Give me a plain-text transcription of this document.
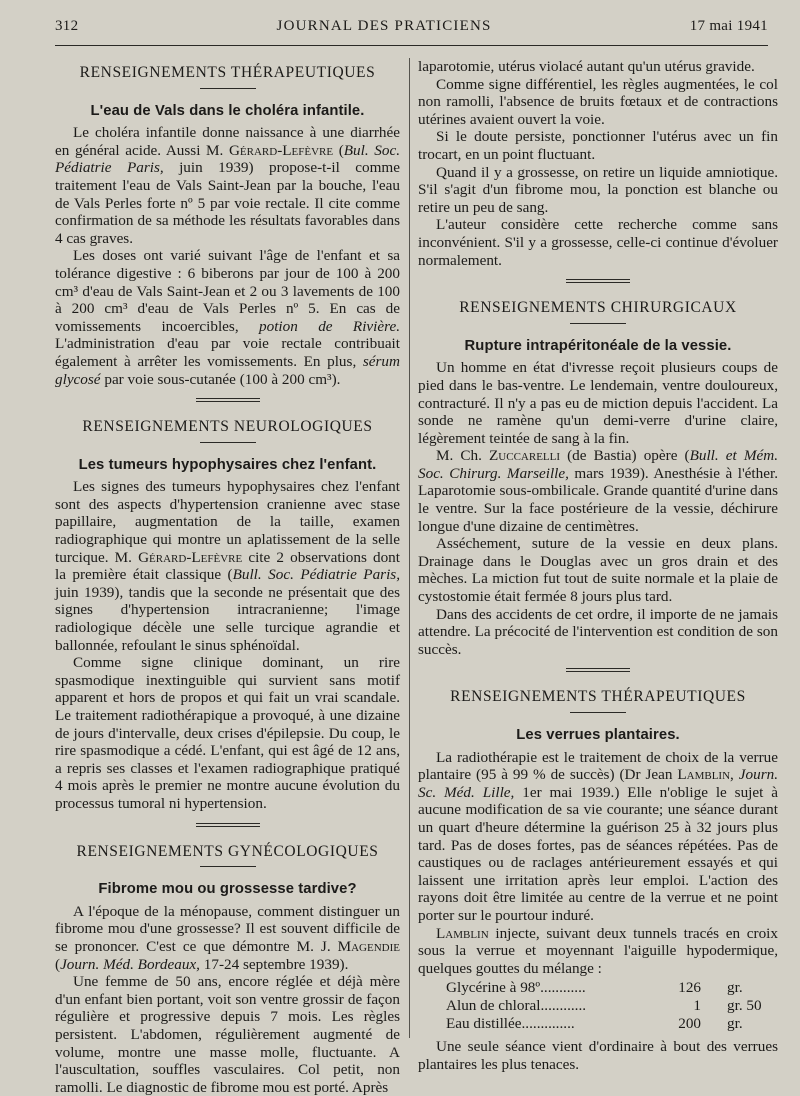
312	JOURNAL DES PRATICIENS	17 mai 1941
RENSEIGNEMENTS THÉRAPEUTIQUES
L'eau de Vals dans le choléra infantile.

Le choléra infantile donne naissance à une diarrhée en général acide. Aussi M. Gérard-Lefèvre (Bul. Soc. Pédiatrie Paris, juin 1939) propose-t-il comme traitement l'eau de Vals Saint-Jean par la bouche, l'eau de Vals Perles forte nº 5 par voie rectale. Il cite comme confirmation de sa méthode les résultats favorables dans 4 cas graves.

Les doses ont varié suivant l'âge de l'enfant et sa tolérance digestive : 6 biberons par jour de 100 à 200 cm³ d'eau de Vals Saint-Jean et 2 ou 3 lavements de 100 à 200 cm³ d'eau de Vals Perles nº 5. En cas de vomissements incoercibles, potion de Rivière. L'administration d'eau par voie rectale contribuait également à arrêter les vomissements. En plus, sérum glycosé par voie sous-cutanée (100 à 200 cm³).

RENSEIGNEMENTS NEUROLOGIQUES
Les tumeurs hypophysaires chez l'enfant.

Les signes des tumeurs hypophysaires chez l'enfant sont des aspects d'hypertension cranienne avec stase papillaire, augmentation de la taille, examen radiographique qui montre un aplatissement de la selle turcique. M. Gérard-Lefèvre cite 2 observations dont la première était classique (Bull. Soc. Pédiatrie Paris, juin 1939), tandis que la seconde ne présentait que des signes d'hypertension intracranienne; l'image radiologique décèle une selle turcique agrandie et ballonnée, refoulant le sinus sphénoïdal.

Comme signe clinique dominant, un rire spasmodique inextinguible qui survient sans motif apparent et hors de propos et qui fait un vrai scandale. Le traitement radiothérapique a provoqué, à une dizaine de jours d'intervalle, deux crises d'épilepsie. Du coup, le rire spasmodique a cédé. L'enfant, qui est âgé de 12 ans, a repris ses classes et l'examen radiographique pratiqué 4 mois après le premier ne montre aucune évolution du processus tumoral ni hypertension.

RENSEIGNEMENTS GYNÉCOLOGIQUES
Fibrome mou ou grossesse tardive?

A l'époque de la ménopause, comment distinguer un fibrome mou d'une grossesse? Il est souvent difficile de se prononcer. C'est ce que démontre M. J. Magendie (Journ. Méd. Bordeaux, 17-24 septembre 1939).

Une femme de 50 ans, encore réglée et déjà mère d'un enfant bien portant, voit son ventre grossir de façon régulière et progressive depuis 7 mois. Les règles persistent. L'abdomen, régulièrement augmenté de volume, montre une masse molle, fluctuante. A l'auscultation, souffles vasculaires. Col petit, non ramolli. Le diagnostic de fibrome mou est porté. Après

laparotomie, utérus violacé autant qu'un utérus gravide.

Comme signe différentiel, les règles augmentées, le col non ramolli, l'absence de bruits fœtaux et de contractions utérines avaient ouvert la voie.

Si le doute persiste, ponctionner l'utérus avec un fin trocart, en un point fluctuant.

Quand il y a grossesse, on retire un liquide amniotique. S'il s'agit d'un fibrome mou, la ponction est blanche ou retire un peu de sang.

L'auteur considère cette recherche comme sans inconvénient. S'il y a grossesse, celle-ci continue d'évoluer normalement.

RENSEIGNEMENTS CHIRURGICAUX
Rupture intrapéritonéale de la vessie.

Un homme en état d'ivresse reçoit plusieurs coups de pied dans le bas-ventre. Le lendemain, ventre douloureux, contracturé. Il n'y a pas eu de miction depuis l'accident. La sonde ne ramène qu'un demi-verre d'urine claire, légèrement teintée de sang à la fin.

M. Ch. Zuccarelli (de Bastia) opère (Bull. et Mém. Soc. Chirurg. Marseille, mars 1939). Anesthésie à l'éther. Laparotomie sous-ombilicale. Grande quantité d'urine dans le ventre. Sur la face postérieure de la vessie, déchirure longue d'une dizaine de centimètres.

Asséchement, suture de la vessie en deux plans. Drainage dans le Douglas avec un gros drain et des mèches. La miction fut tout de suite normale et la plaie de cystostomie était fermée 8 jours plus tard.

Dans des accidents de cet ordre, il importe de ne jamais attendre. La précocité de l'intervention est condition de son succès.

RENSEIGNEMENTS THÉRAPEUTIQUES
Les verrues plantaires.

La radiothérapie est le traitement de choix de la verrue plantaire (95 à 99 % de succès) (Dr Jean Lamblin, Journ. Sc. Méd. Lille, 1er mai 1939.) Elle n'oblige le sujet à aucune modification de sa vie courante; une séance durant un quart d'heure détermine la guérison 25 à 32 jours plus tard. Pas de doses fortes, pas de séances répétées. Pas de caustiques ou de raclages antérieurement essayés et qui laissent une irritation après leur emploi. L'action des rayons doit être limitée au centre de la verrue et ne point porter sur le pourtour induré.

Lamblin injecte, suivant deux tunnels tracés en croix sous la verrue et moyennant l'aiguille hypodermique, quelques gouttes du mélange :

Glycérine à 98º............	126	gr.
Alun de chloral............	1	gr. 50
Eau distillée..............	200	gr.

Une seule séance vient d'ordinaire à bout des verrues plantaires les plus tenaces.
